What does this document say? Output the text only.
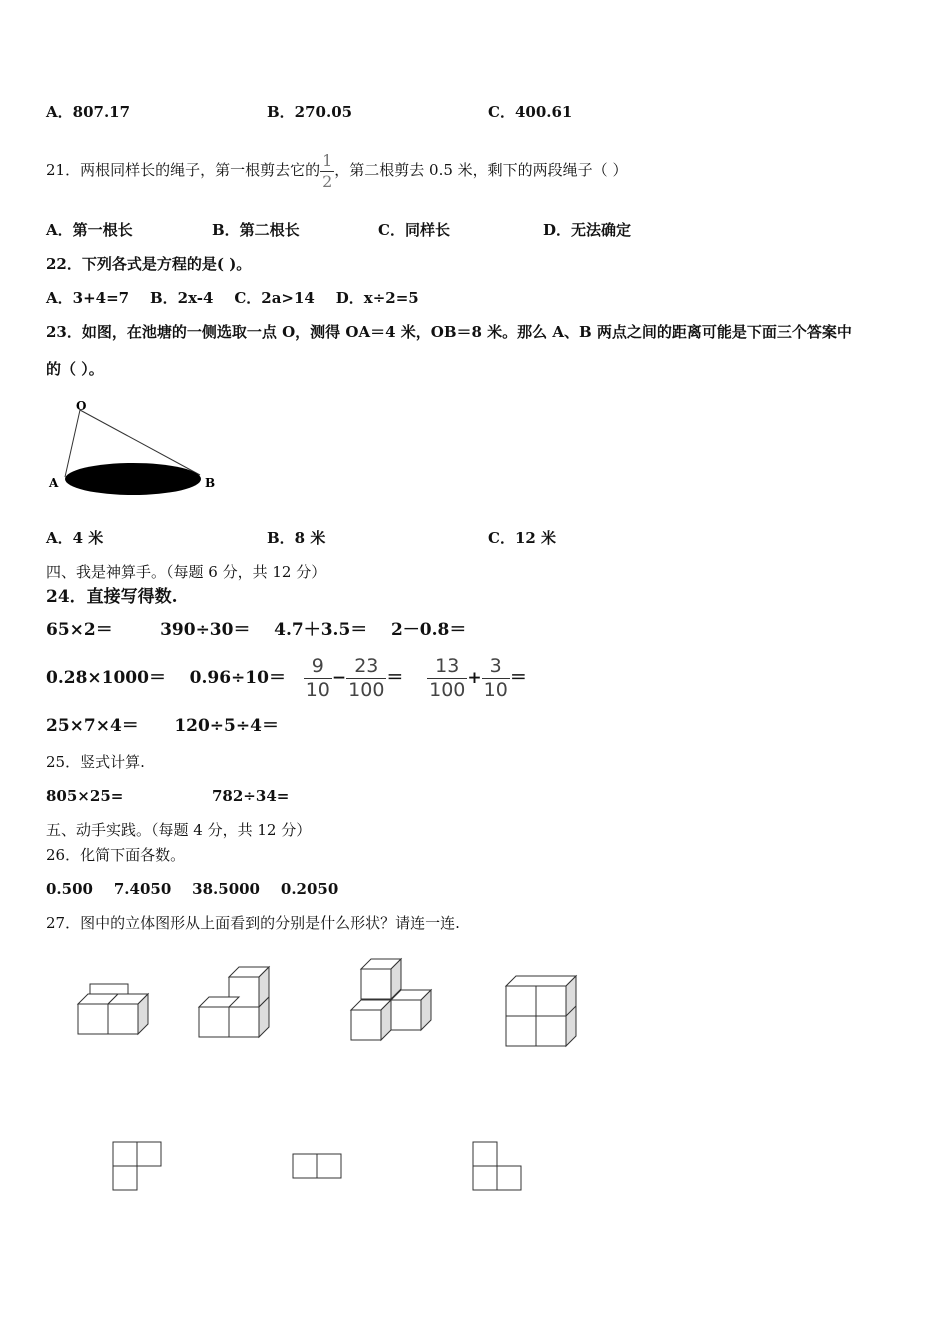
A．807.17	B．270.05	C．400.61
21．两根同样长的绳子，第一根剪去它的 $\frac{1}{2}$ ，第二根剪去 0.5 米，剩下的两段绳子（ ）
A．第一根长	B．第二根长	C．同样长	D．无法确定
22．下列各式是方程的是( )。
A．3+4=7    B．2x-4    C．2a>14    D．x÷2=5
23．如图，在池塘的一侧选取一点 O，测得 OA＝4 米，OB＝8 米。那么 A、B 两点之间的距离可能是下面三个答案中
的（ ）。
O
A	B
A．4 米	B．8 米	C．12 米
四、我是神算手。（每题 6 分，共 12 分）
24．直接写得数.
65×2＝        390÷30＝    4.7＋3.5＝    2－0.8＝
0.28×1000＝    $0.96\div 10= \frac{9}{10} - \frac{23}{100} = \frac{13}{100} + \frac{3}{10}$ ＝
25×7×4＝      120÷5÷4＝
25．竖式计算.
805×25=	782÷34=
五、动手实践。（每题 4 分，共 12 分）
26．化简下面各数。
0.500    7.4050    38.5000    0.2050
27．图中的立体图形从上面看到的分别是什么形状？请连一连.
